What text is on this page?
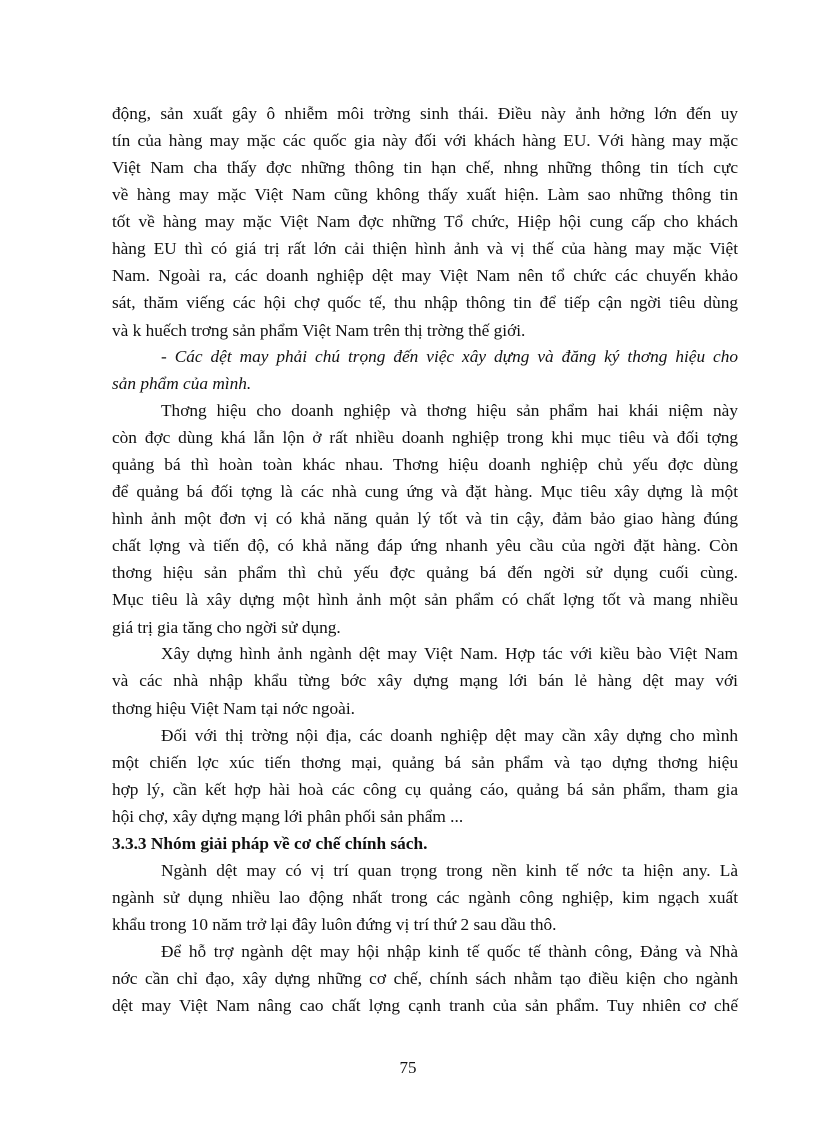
động, sản xuất gây ô nhiễm môi trờng sinh thái. Điều này ảnh hởng lớn đến uy
tín của hàng may mặc các quốc gia này đối với khách hàng EU. Với hàng may mặc
Việt Nam cha thấy đợc những thông tin hạn chế, nhng những thông tin tích cực
về hàng may mặc Việt Nam cũng không thấy xuất hiện. Làm sao những thông tin
tốt về hàng may mặc Việt Nam đợc những Tổ chức, Hiệp hội cung cấp cho khách
hàng EU thì có giá trị rất lớn cải thiện hình ảnh và vị thế của hàng may mặc Việt
Nam. Ngoài ra, các doanh nghiệp dệt may Việt Nam nên tổ chức các chuyến khảo
sát, thăm viếng các hội chợ quốc tế, thu nhập thông tin để tiếp cận ngời tiêu dùng
và k huếch trơng sản phẩm Việt Nam trên thị trờng thế giới.
- Các dệt may phải chú trọng đến việc xây dựng và đăng ký thơng hiệu cho
sản phẩm của mình.
Thơng hiệu cho doanh nghiệp và thơng hiệu sản phẩm hai khái niệm này
còn đợc dùng khá lẫn lộn ở rất nhiều doanh nghiệp trong khi mục tiêu và đối tợng
quảng bá thì hoàn toàn khác nhau. Thơng hiệu doanh nghiệp chủ yếu đợc dùng
để quảng bá đối tợng là các nhà cung ứng và đặt hàng. Mục tiêu xây dựng là một
hình ảnh một đơn vị có khả năng quản lý tốt và tin cậy, đảm bảo giao hàng đúng
chất lợng và tiến độ, có khả năng đáp ứng nhanh yêu cầu của ngời đặt hàng. Còn
thơng hiệu sản phẩm thì chủ yếu đợc quảng bá đến ngời sử dụng cuối cùng.
Mục tiêu là xây dựng một hình ảnh một sản phẩm có chất lợng tốt và mang nhiều
giá trị gia tăng cho ngời sử dụng.
Xây dựng hình ảnh ngành dệt may Việt Nam. Hợp tác với kiều bào Việt Nam
và các nhà nhập khẩu từng bớc xây dựng mạng lới bán lẻ hàng dệt may với
thơng hiệu Việt Nam tại nớc ngoài.
Đối với thị trờng nội địa, các doanh nghiệp dệt may cần xây dựng cho mình
một chiến lợc xúc tiến thơng mại, quảng bá sản phẩm và tạo dựng thơng hiệu
hợp lý, cần kết hợp hài hoà các công cụ quảng cáo, quảng bá sản phẩm, tham gia
hội chợ, xây dựng mạng lới phân phối sản phẩm ...
3.3.3 Nhóm giải pháp về cơ chế chính sách.
Ngành dệt may có vị trí quan trọng trong nền kinh tế nớc ta hiện any. Là
ngành sử dụng nhiều lao động nhất trong các ngành công nghiệp, kim ngạch xuất
khẩu trong 10 năm trở lại đây luôn đứng vị trí thứ 2 sau dầu thô.
Để hỗ trợ ngành dệt may hội nhập kinh tế quốc tế thành công, Đảng và Nhà
nớc cần chỉ đạo, xây dựng những cơ chế, chính sách nhằm tạo điều kiện cho ngành
dệt may Việt Nam nâng cao chất lợng cạnh tranh của sản phẩm. Tuy nhiên cơ chế
75
